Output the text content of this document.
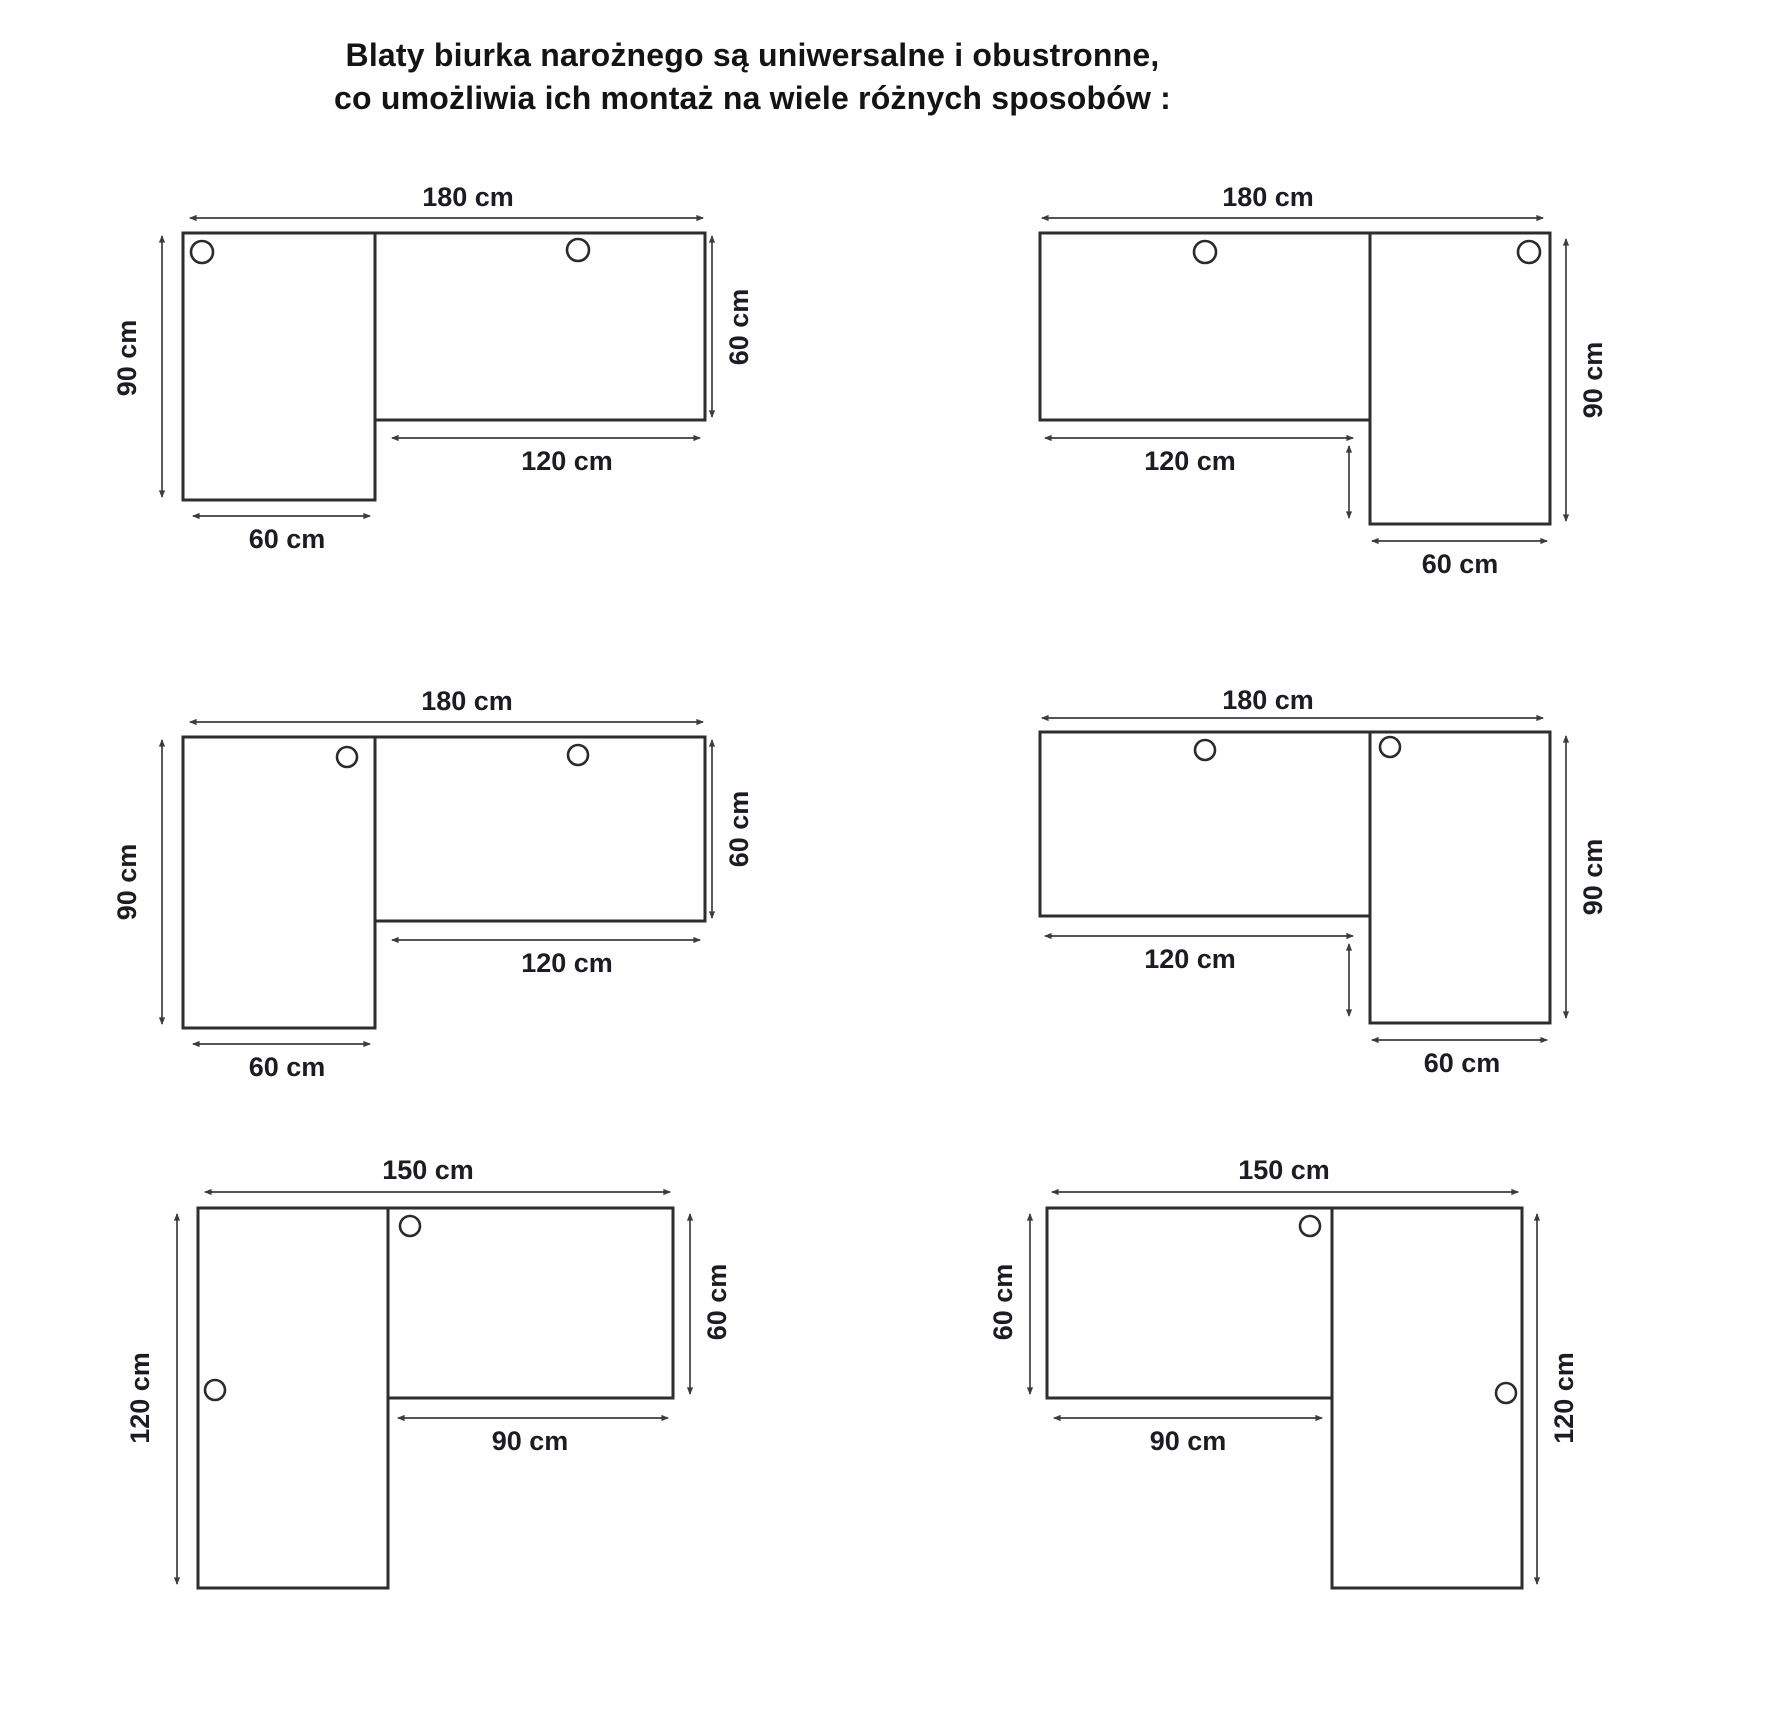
Blaty biurka narożnego są uniwersalne i obustronne,
co umożliwia ich montaż na wiele różnych sposobów :
180 cm
90 cm	60 cm
120 cm
60 cm
180 cm
120 cm
90 cm
60 cm
180 cm
90 cm
60 cm
120 cm
60 cm
180 cm
120 cm
90 cm
60 cm
150 cm
120 cm
60 cm
90 cm
150 cm
60 cm
90 cm	120 cm
